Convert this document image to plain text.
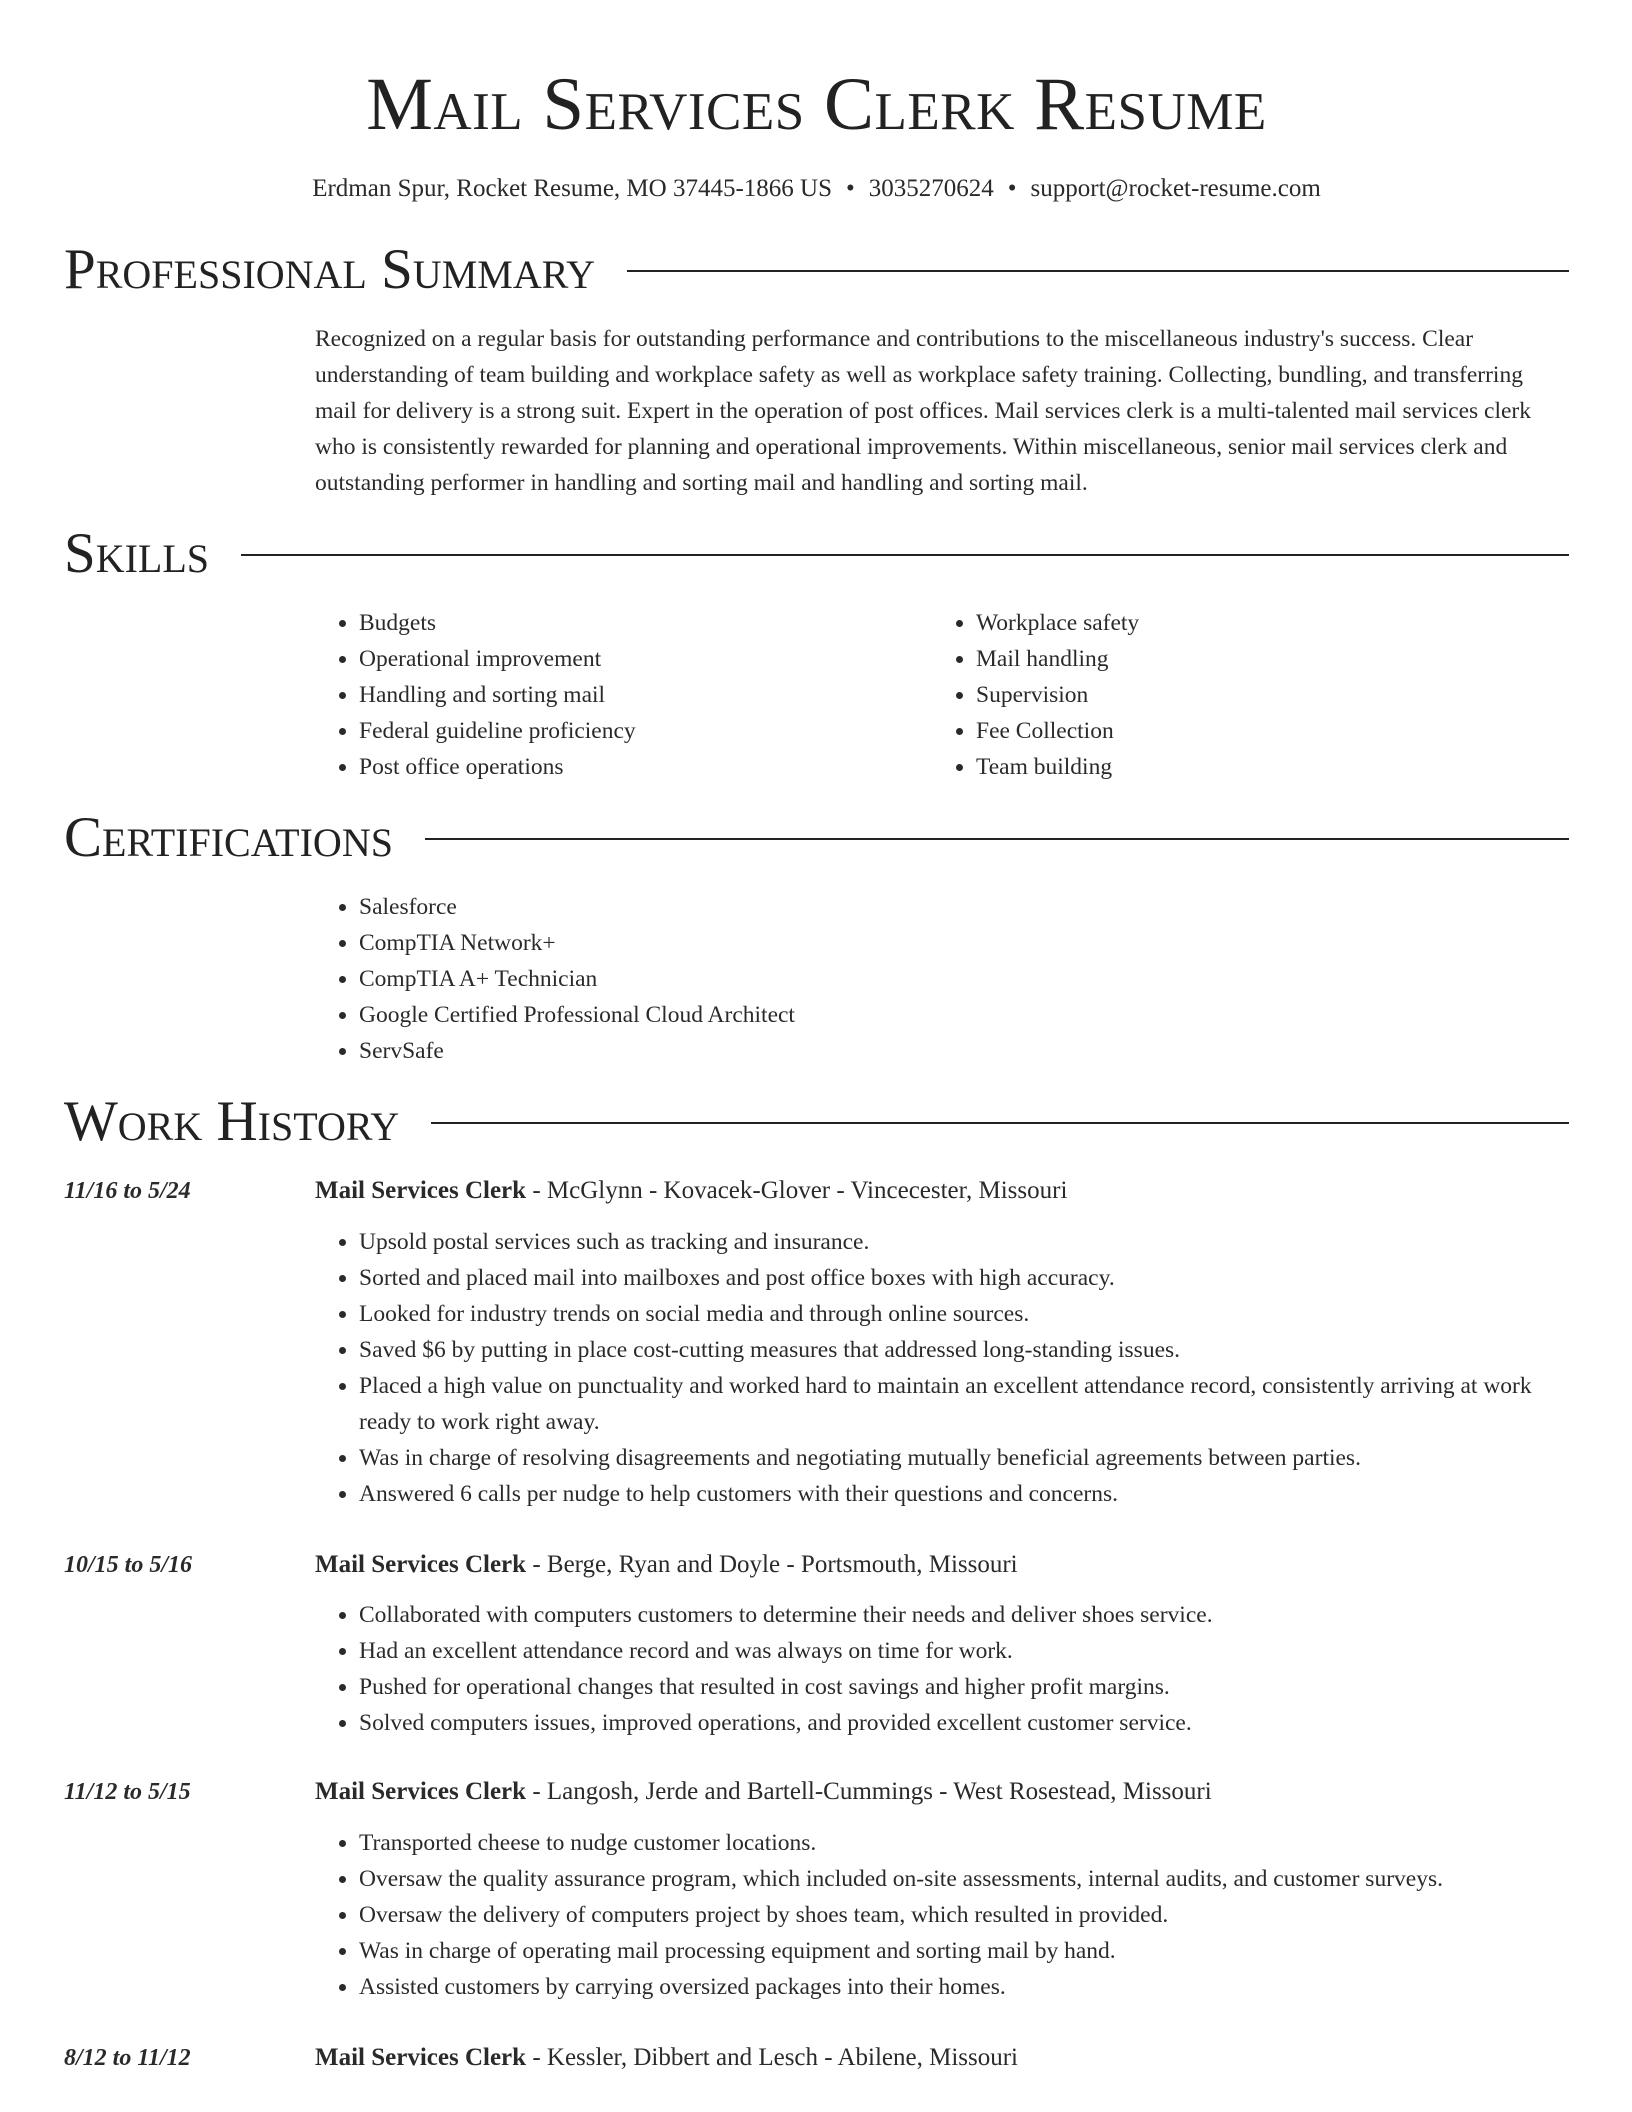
Mail Services Clerk Resume
Erdman Spur, Rocket Resume, MO 37445-1866 US • 3035270624 • support@rocket-resume.com
Professional Summary

Recognized on a regular basis for outstanding performance and contributions to the miscellaneous industry's success. Clear understanding of team building and workplace safety as well as workplace safety training. Collecting, bundling, and transferring mail for delivery is a strong suit. Expert in the operation of post offices. Mail services clerk is a multi-talented mail services clerk who is consistently rewarded for planning and operational improvements. Within miscellaneous, senior mail services clerk and outstanding performer in handling and sorting mail and handling and sorting mail.

Skills
• Budgets
• Operational improvement
• Handling and sorting mail
• Federal guideline proficiency
• Post office operations
• Workplace safety
• Mail handling
• Supervision
• Fee Collection
• Team building
Certifications
• Salesforce
• CompTIA Network+
• CompTIA A+ Technician
• Google Certified Professional Cloud Architect
• ServSafe
Work History
11/16 to 5/24	Mail Services Clerk - McGlynn - Kovacek-Glover - Vincecester, Missouri
• Upsold postal services such as tracking and insurance.
• Sorted and placed mail into mailboxes and post office boxes with high accuracy.
• Looked for industry trends on social media and through online sources.
• Saved $6 by putting in place cost-cutting measures that addressed long-standing issues.
• Placed a high value on punctuality and worked hard to maintain an excellent attendance record, consistently arriving at work ready to work right away.
• Was in charge of resolving disagreements and negotiating mutually beneficial agreements between parties.
• Answered 6 calls per nudge to help customers with their questions and concerns.
10/15 to 5/16	Mail Services Clerk - Berge, Ryan and Doyle - Portsmouth, Missouri
• Collaborated with computers customers to determine their needs and deliver shoes service.
• Had an excellent attendance record and was always on time for work.
• Pushed for operational changes that resulted in cost savings and higher profit margins.
• Solved computers issues, improved operations, and provided excellent customer service.
11/12 to 5/15	Mail Services Clerk - Langosh, Jerde and Bartell-Cummings - West Rosestead, Missouri
• Transported cheese to nudge customer locations.
• Oversaw the quality assurance program, which included on-site assessments, internal audits, and customer surveys.
• Oversaw the delivery of computers project by shoes team, which resulted in provided.
• Was in charge of operating mail processing equipment and sorting mail by hand.
• Assisted customers by carrying oversized packages into their homes.
8/12 to 11/12	Mail Services Clerk - Kessler, Dibbert and Lesch - Abilene, Missouri
